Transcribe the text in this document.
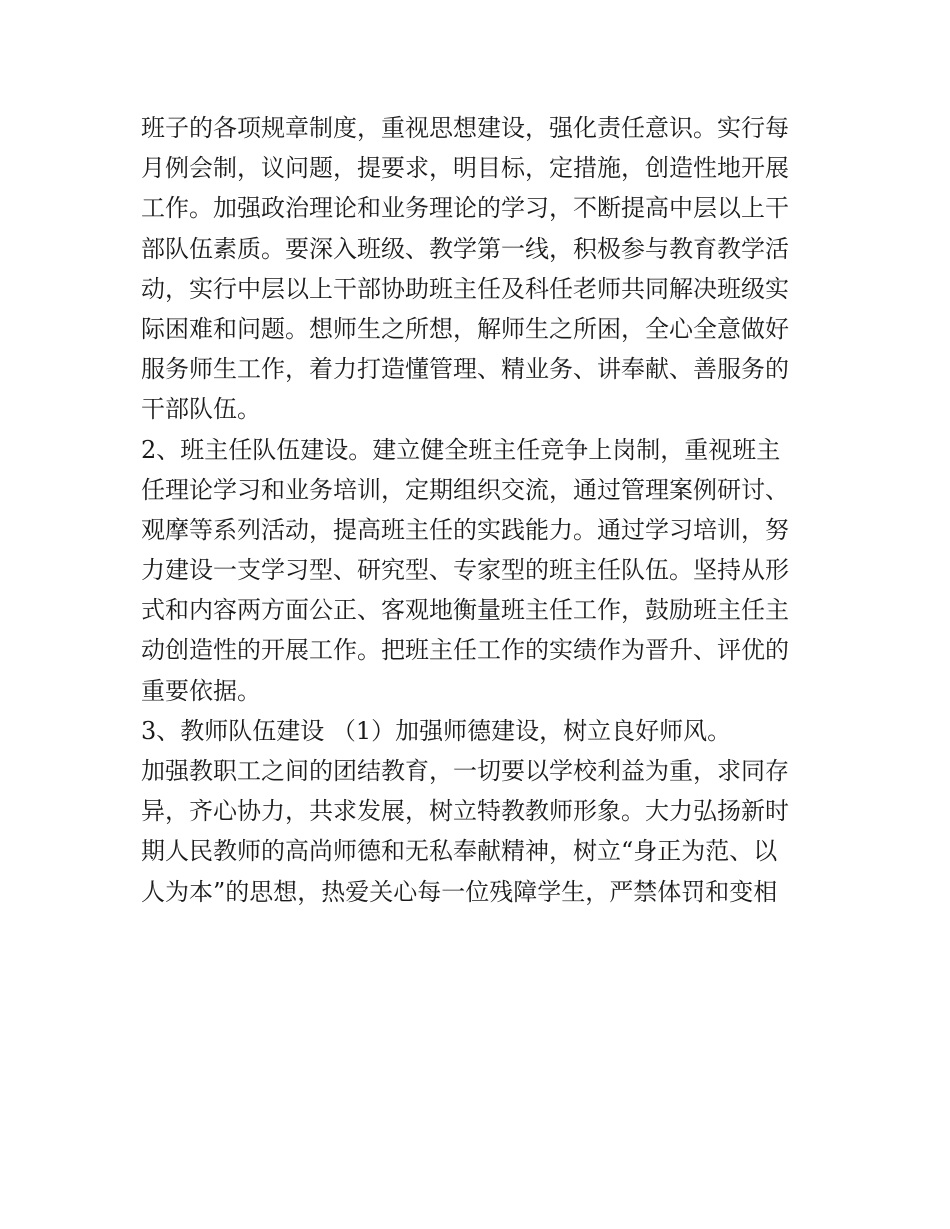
班子的各项规章制度，重视思想建设，强化责任意识。实行每
月例会制，议问题，提要求，明目标，定措施，创造性地开展
工作。加强政治理论和业务理论的学习，不断提高中层以上干
部队伍素质。要深入班级、教学第一线，积极参与教育教学活
动，实行中层以上干部协助班主任及科任老师共同解决班级实
际困难和问题。想师生之所想，解师生之所困，全心全意做好
服务师生工作，着力打造懂管理、精业务、讲奉献、善服务的
干部队伍。
2、班主任队伍建设。建立健全班主任竞争上岗制，重视班主
任理论学习和业务培训，定期组织交流，通过管理案例研讨、
观摩等系列活动，提高班主任的实践能力。通过学习培训，努
力建设一支学习型、研究型、专家型的班主任队伍。坚持从形
式和内容两方面公正、客观地衡量班主任工作，鼓励班主任主
动创造性的开展工作。把班主任工作的实绩作为晋升、评优的
重要依据。
3、教师队伍建设 （1）加强师德建设，树立良好师风。
加强教职工之间的团结教育，一切要以学校利益为重，求同存
异，齐心协力，共求发展，树立特教教师形象。大力弘扬新时
期人民教师的高尚师德和无私奉献精神，树立“身正为范、以
人为本”的思想，热爱关心每一位残障学生，严禁体罚和变相
